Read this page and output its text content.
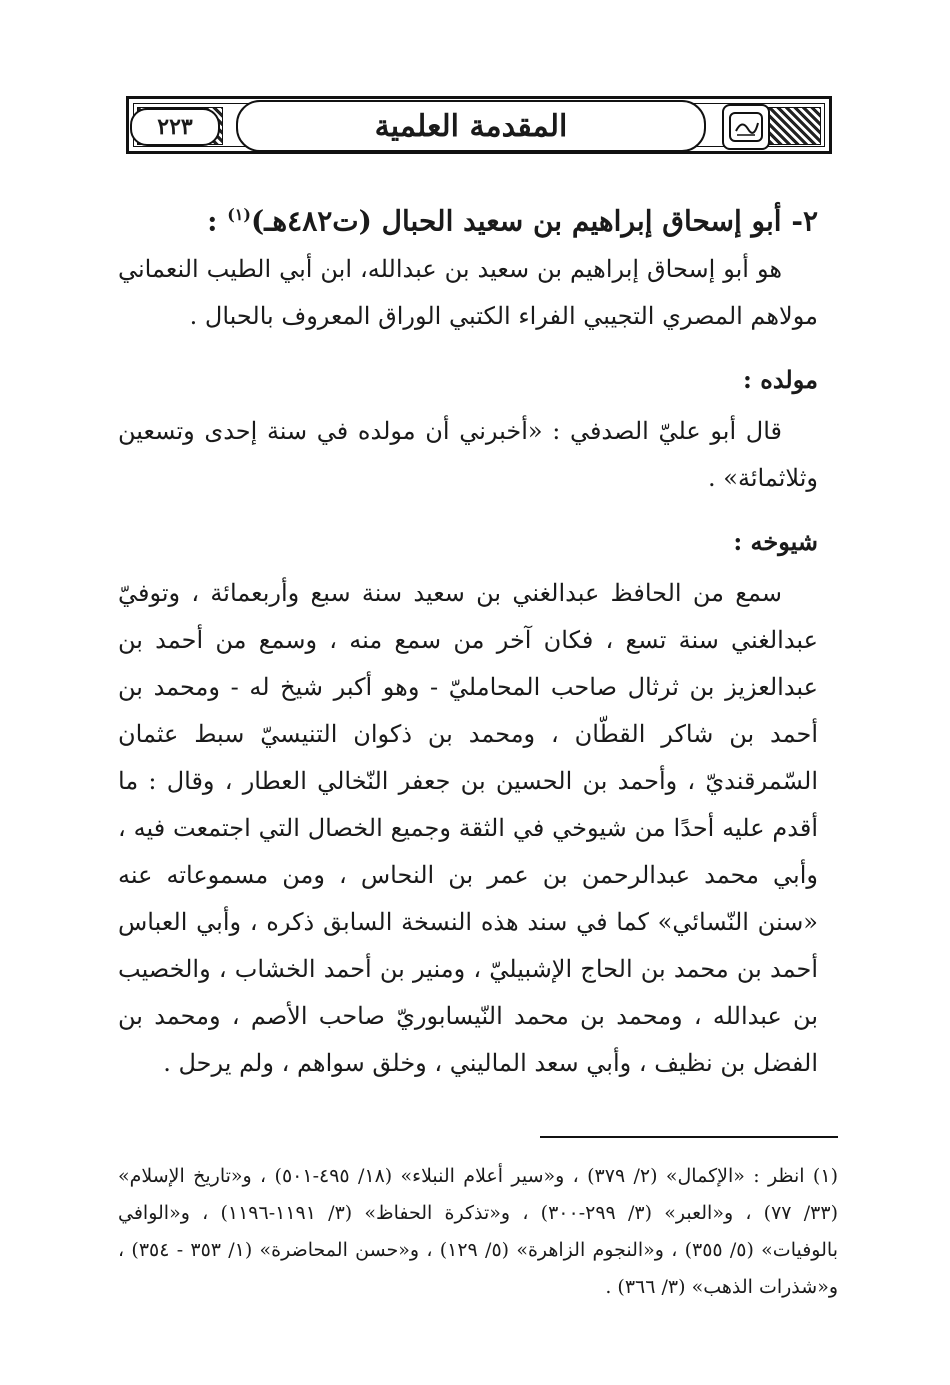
٢٢٣	المقدمة العلمية

٢- أبو إسحاق إبراهيم بن سعيد الحبال (ت٤٨٢هـ)$^{(١)}$ :

هو أبو إسحاق إبراهيم بن سعيد بن عبدالله، ابن أبي الطيب النعماني مولاهم المصري التجيبي الفراء الكتبي الوراق المعروف بالحبال .

مولده :

قال أبو عليّ الصدفي : «أخبرني أن مولده في سنة إحدى وتسعين وثلاثمائة» .

شيوخه :

سمع من الحافظ عبدالغني بن سعيد سنة سبع وأربعمائة ، وتوفيّ عبدالغني سنة تسع ، فكان آخر من سمع منه ، وسمع من أحمد بن عبدالعزيز بن ثرثال صاحب المحامليّ - وهو أكبر شيخ له - ومحمد بن أحمد بن شاكر القطّان ، ومحمد بن ذكوان التنيسيّ سبط عثمان السّمرقنديّ ، وأحمد بن الحسين بن جعفر النّخالي العطار ، وقال : ما أقدم عليه أحدًا من شيوخي في الثقة وجميع الخصال التي اجتمعت فيه ، وأبي محمد عبدالرحمن بن عمر بن النحاس ، ومن مسموعاته عنه «سنن النّسائي» كما في سند هذه النسخة السابق ذكره ، وأبي العباس أحمد بن محمد بن الحاج الإشبيليّ ، ومنير بن أحمد الخشاب ، والخصيب بن عبدالله ، ومحمد بن محمد النّيسابوريّ صاحب الأصم ، ومحمد بن الفضل بن نظيف ، وأبي سعد الماليني ، وخلق سواهم ، ولم يرحل .

(١) انظر : «الإكمال» (٢/ ٣٧٩) ، و«سير أعلام النبلاء» (١٨/ ٤٩٥-٥٠١) ، و«تاريخ الإسلام» (٣٣/ ٧٧) ، و«العبر» (٣/ ٢٩٩-٣٠٠) ، و«تذكرة الحفاظ» (٣/ ١١٩١-١١٩٦) ، و«الوافي بالوفيات» (٥/ ٣٥٥) ، و«النجوم الزاهرة» (٥/ ١٢٩) ، و«حسن المحاضرة» (١/ ٣٥٣ - ٣٥٤) ، و«شذرات الذهب» (٣/ ٣٦٦) .
